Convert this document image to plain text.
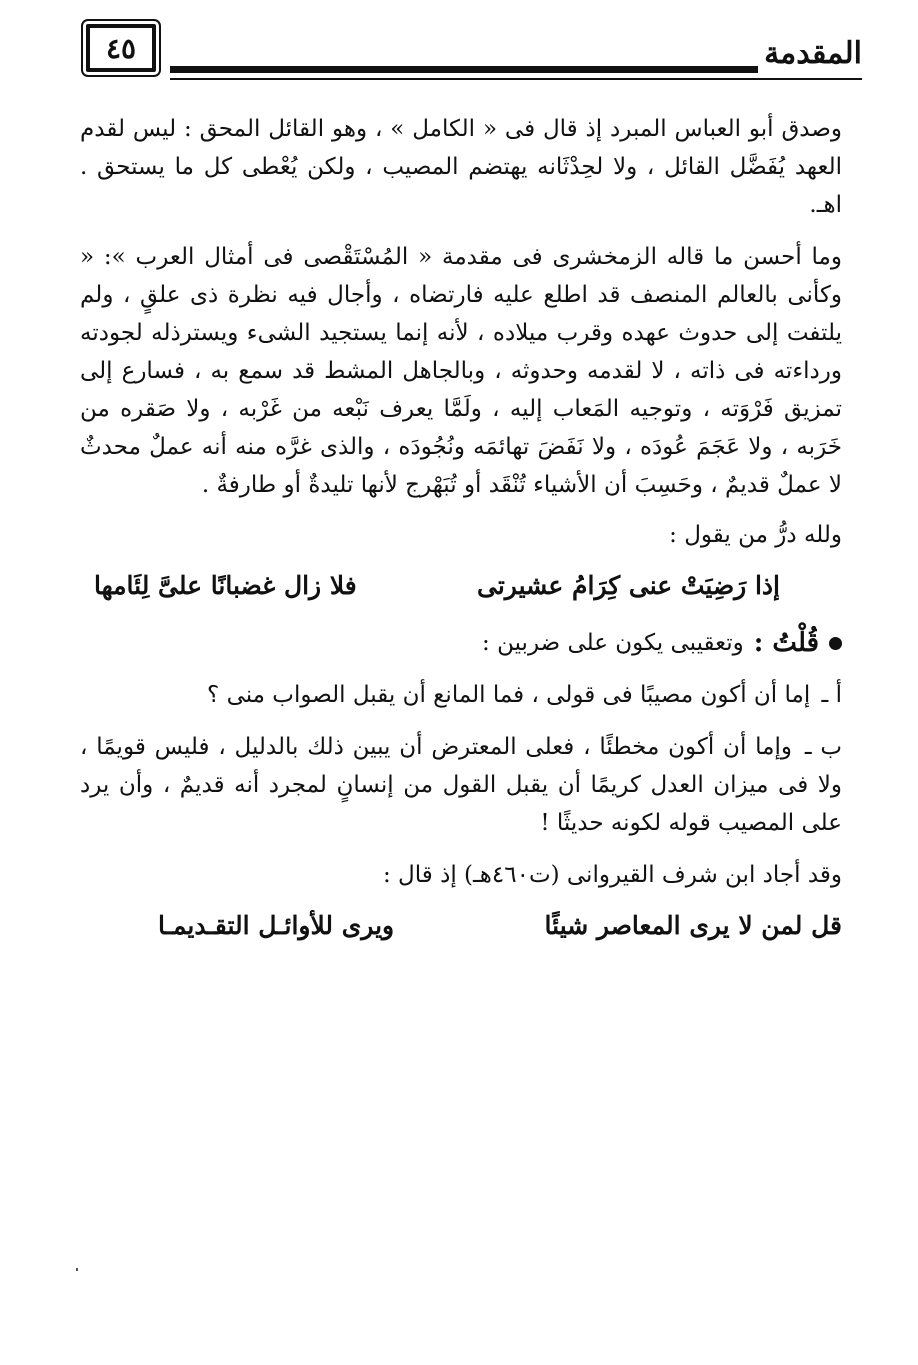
٤٥	المقدمة

وصدق أبو العباس المبرد إذ قال فى « الكامل » ، وهو القائل المحق : ليس لقدم العهد يُفَضَّل القائل ، ولا لحِدْثَانه يهتضم المصيب ، ولكن يُعْطى كل ما يستحق . اهـ.

وما أحسن ما قاله الزمخشرى فى مقدمة « المُسْتَقْصى فى أمثال العرب »: « وكأنى بالعالم المنصف قد اطلع عليه فارتضاه ، وأجال فيه نظرة ذى علقٍ ، ولم يلتفت إلى حدوث عهده وقرب ميلاده ، لأنه إنما يستجيد الشىء ويسترذله لجودته ورداءته فى ذاته ، لا لقدمه وحدوثه ، وبالجاهل المشط قد سمع به ، فسارع إلى تمزيق فَرْوَته ، وتوجيه المَعاب إليه ، ولَمَّا يعرف نَبْعه من غَرْبه ، ولا صَقره من خَرَبه ، ولا عَجَمَ عُودَه ، ولا نَفَضَ تهائمَه ونُجُودَه ، والذى غرَّه منه أنه عملٌ محدثٌ لا عملٌ قديمٌ ، وحَسِبَ أن الأشياء تُنْقَد أو تُبَهْرج لأنها تليدةٌ أو طارفةٌ .

ولله درُّ من يقول :

إذا رَضِيَتْ عنى كِرَامُ عشيرتى
فلا زال غضبانًا علىَّ لِئَامها
قُلْتُ :
وتعقيبى يكون على ضربين :

أ ـ إما أن أكون مصيبًا فى قولى ، فما المانع أن يقبل الصواب منى ؟

ب ـ وإما أن أكون مخطئًا ، فعلى المعترض أن يبين ذلك بالدليل ، فليس قويمًا ، ولا فى ميزان العدل كريمًا أن يقبل القول من إنسانٍ لمجرد أنه قديمٌ ، وأن يرد على المصيب قوله لكونه حديثًا !

وقد أجاد ابن شرف القيروانى (ت٤٦٠هـ) إذ قال :

قل لمن لا يرى المعاصر شيئًا
ويرى للأوائـل التقـديمـا
